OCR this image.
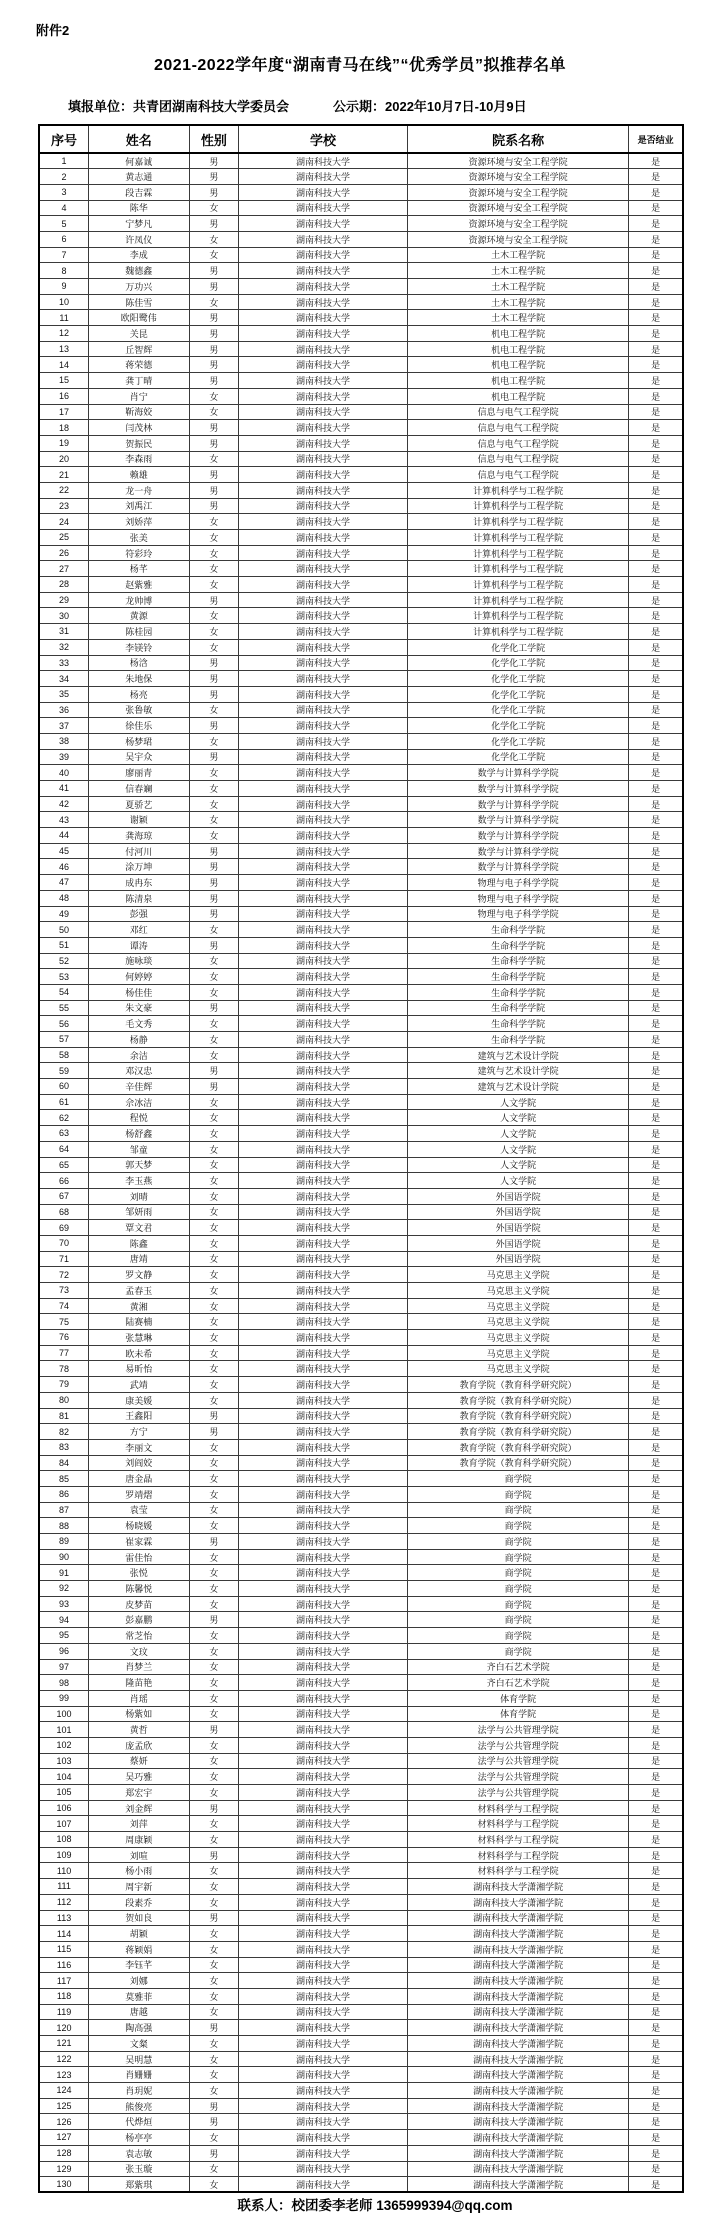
附件2
2021-2022学年度“湖南青马在线”“优秀学员”拟推荐名单
填报单位：共青团湖南科技大学委员会	公示期：2022年10月7日-10月9日
序号	姓名	性别	学校	院系名称	是否结业
1	何嘉诚	男	湖南科技大学	资源环境与安全工程学院	是
2	黄志通	男	湖南科技大学	资源环境与安全工程学院	是
3	段吉霖	男	湖南科技大学	资源环境与安全工程学院	是
4	陈华	女	湖南科技大学	资源环境与安全工程学院	是
5	宁梦凡	男	湖南科技大学	资源环境与安全工程学院	是
6	许凤仪	女	湖南科技大学	资源环境与安全工程学院	是
7	李成	女	湖南科技大学	土木工程学院	是
8	魏德鑫	男	湖南科技大学	土木工程学院	是
9	万功兴	男	湖南科技大学	土木工程学院	是
10	陈佳雪	女	湖南科技大学	土木工程学院	是
11	欧阳鹭伟	男	湖南科技大学	土木工程学院	是
12	关昆	男	湖南科技大学	机电工程学院	是
13	丘智辉	男	湖南科技大学	机电工程学院	是
14	蒋荣德	男	湖南科技大学	机电工程学院	是
15	龚丁晴	男	湖南科技大学	机电工程学院	是
16	肖宁	女	湖南科技大学	机电工程学院	是
17	靳海姣	女	湖南科技大学	信息与电气工程学院	是
18	闫茂林	男	湖南科技大学	信息与电气工程学院	是
19	贺振民	男	湖南科技大学	信息与电气工程学院	是
20	李森雨	女	湖南科技大学	信息与电气工程学院	是
21	赖雄	男	湖南科技大学	信息与电气工程学院	是
22	龙一舟	男	湖南科技大学	计算机科学与工程学院	是
23	刘禹江	男	湖南科技大学	计算机科学与工程学院	是
24	刘娇萍	女	湖南科技大学	计算机科学与工程学院	是
25	张美	女	湖南科技大学	计算机科学与工程学院	是
26	符彩玲	女	湖南科技大学	计算机科学与工程学院	是
27	杨芊	女	湖南科技大学	计算机科学与工程学院	是
28	赵紫雅	女	湖南科技大学	计算机科学与工程学院	是
29	龙帅博	男	湖南科技大学	计算机科学与工程学院	是
30	黄源	女	湖南科技大学	计算机科学与工程学院	是
31	陈桂园	女	湖南科技大学	计算机科学与工程学院	是
32	李镁铃	女	湖南科技大学	化学化工学院	是
33	杨浛	男	湖南科技大学	化学化工学院	是
34	朱地保	男	湖南科技大学	化学化工学院	是
35	杨亮	男	湖南科技大学	化学化工学院	是
36	张鲁敏	女	湖南科技大学	化学化工学院	是
37	徐佳乐	男	湖南科技大学	化学化工学院	是
38	杨梦珺	女	湖南科技大学	化学化工学院	是
39	吴宇众	男	湖南科技大学	化学化工学院	是
40	廖丽青	女	湖南科技大学	数学与计算科学学院	是
41	信春斓	女	湖南科技大学	数学与计算科学学院	是
42	夏骄艺	女	湖南科技大学	数学与计算科学学院	是
43	谢颖	女	湖南科技大学	数学与计算科学学院	是
44	龚海琼	女	湖南科技大学	数学与计算科学学院	是
45	付河川	男	湖南科技大学	数学与计算科学学院	是
46	涂万坤	男	湖南科技大学	数学与计算科学学院	是
47	成冉东	男	湖南科技大学	物理与电子科学学院	是
48	陈清泉	男	湖南科技大学	物理与电子科学学院	是
49	彭强	男	湖南科技大学	物理与电子科学学院	是
50	邓红	女	湖南科技大学	生命科学学院	是
51	谭涛	男	湖南科技大学	生命科学学院	是
52	施咏琰	女	湖南科技大学	生命科学学院	是
53	何婷婷	女	湖南科技大学	生命科学学院	是
54	杨佳佳	女	湖南科技大学	生命科学学院	是
55	朱文豪	男	湖南科技大学	生命科学学院	是
56	毛文秀	女	湖南科技大学	生命科学学院	是
57	杨静	女	湖南科技大学	生命科学学院	是
58	余洁	女	湖南科技大学	建筑与艺术设计学院	是
59	邓汉忠	男	湖南科技大学	建筑与艺术设计学院	是
60	辛佳辉	男	湖南科技大学	建筑与艺术设计学院	是
61	佘冰洁	女	湖南科技大学	人文学院	是
62	程悦	女	湖南科技大学	人文学院	是
63	杨舒鑫	女	湖南科技大学	人文学院	是
64	邹童	女	湖南科技大学	人文学院	是
65	郭天梦	女	湖南科技大学	人文学院	是
66	李玉燕	女	湖南科技大学	人文学院	是
67	刘晴	女	湖南科技大学	外国语学院	是
68	邹妍雨	女	湖南科技大学	外国语学院	是
69	覃文君	女	湖南科技大学	外国语学院	是
70	陈鑫	女	湖南科技大学	外国语学院	是
71	唐靖	女	湖南科技大学	外国语学院	是
72	罗文静	女	湖南科技大学	马克思主义学院	是
73	孟春玉	女	湖南科技大学	马克思主义学院	是
74	黄湘	女	湖南科技大学	马克思主义学院	是
75	陆赛楠	女	湖南科技大学	马克思主义学院	是
76	张慧琳	女	湖南科技大学	马克思主义学院	是
77	欧未希	女	湖南科技大学	马克思主义学院	是
78	易昕怡	女	湖南科技大学	马克思主义学院	是
79	武靖	女	湖南科技大学	教育学院（教育科学研究院）	是
80	康美媛	女	湖南科技大学	教育学院（教育科学研究院）	是
81	王鑫阳	男	湖南科技大学	教育学院（教育科学研究院）	是
82	方宁	男	湖南科技大学	教育学院（教育科学研究院）	是
83	李丽文	女	湖南科技大学	教育学院（教育科学研究院）	是
84	刘阎姣	女	湖南科技大学	教育学院（教育科学研究院）	是
85	唐金晶	女	湖南科技大学	商学院	是
86	罗靖熠	女	湖南科技大学	商学院	是
87	袁莹	女	湖南科技大学	商学院	是
88	杨晓媛	女	湖南科技大学	商学院	是
89	崔家霖	男	湖南科技大学	商学院	是
90	雷佳怡	女	湖南科技大学	商学院	是
91	张悦	女	湖南科技大学	商学院	是
92	陈馨悦	女	湖南科技大学	商学院	是
93	皮梦苗	女	湖南科技大学	商学院	是
94	彭嘉鹏	男	湖南科技大学	商学院	是
95	常芝怡	女	湖南科技大学	商学院	是
96	文玟	女	湖南科技大学	商学院	是
97	肖梦兰	女	湖南科技大学	齐白石艺术学院	是
98	隆苗艳	女	湖南科技大学	齐白石艺术学院	是
99	肖瑶	女	湖南科技大学	体育学院	是
100	杨紫如	女	湖南科技大学	体育学院	是
101	黄哲	男	湖南科技大学	法学与公共管理学院	是
102	庞孟欣	女	湖南科技大学	法学与公共管理学院	是
103	蔡妍	女	湖南科技大学	法学与公共管理学院	是
104	吴巧雅	女	湖南科技大学	法学与公共管理学院	是
105	郑宏宇	女	湖南科技大学	法学与公共管理学院	是
106	刘金辉	男	湖南科技大学	材料科学与工程学院	是
107	刘萍	女	湖南科技大学	材料科学与工程学院	是
108	周康颖	女	湖南科技大学	材料科学与工程学院	是
109	刘喧	男	湖南科技大学	材料科学与工程学院	是
110	杨小雨	女	湖南科技大学	材料科学与工程学院	是
111	周宇新	女	湖南科技大学	湖南科技大学潇湘学院	是
112	段素乔	女	湖南科技大学	湖南科技大学潇湘学院	是
113	贺如良	男	湖南科技大学	湖南科技大学潇湘学院	是
114	胡颖	女	湖南科技大学	湖南科技大学潇湘学院	是
115	蒋颖娟	女	湖南科技大学	湖南科技大学潇湘学院	是
116	李钰芊	女	湖南科技大学	湖南科技大学潇湘学院	是
117	刘娜	女	湖南科技大学	湖南科技大学潇湘学院	是
118	莫雅菲	女	湖南科技大学	湖南科技大学潇湘学院	是
119	唐越	女	湖南科技大学	湖南科技大学潇湘学院	是
120	陶高强	男	湖南科技大学	湖南科技大学潇湘学院	是
121	文粲	女	湖南科技大学	湖南科技大学潇湘学院	是
122	吴明慧	女	湖南科技大学	湖南科技大学潇湘学院	是
123	肖姗姗	女	湖南科技大学	湖南科技大学潇湘学院	是
124	肖玥妮	女	湖南科技大学	湖南科技大学潇湘学院	是
125	熊俊亮	男	湖南科技大学	湖南科技大学潇湘学院	是
126	代烨烜	男	湖南科技大学	湖南科技大学潇湘学院	是
127	杨亭亭	女	湖南科技大学	湖南科技大学潇湘学院	是
128	袁志敏	男	湖南科技大学	湖南科技大学潇湘学院	是
129	张玉璇	女	湖南科技大学	湖南科技大学潇湘学院	是
130	郑紫琪	女	湖南科技大学	湖南科技大学潇湘学院	是
联系人：校团委李老师 1365999394@qq.com
